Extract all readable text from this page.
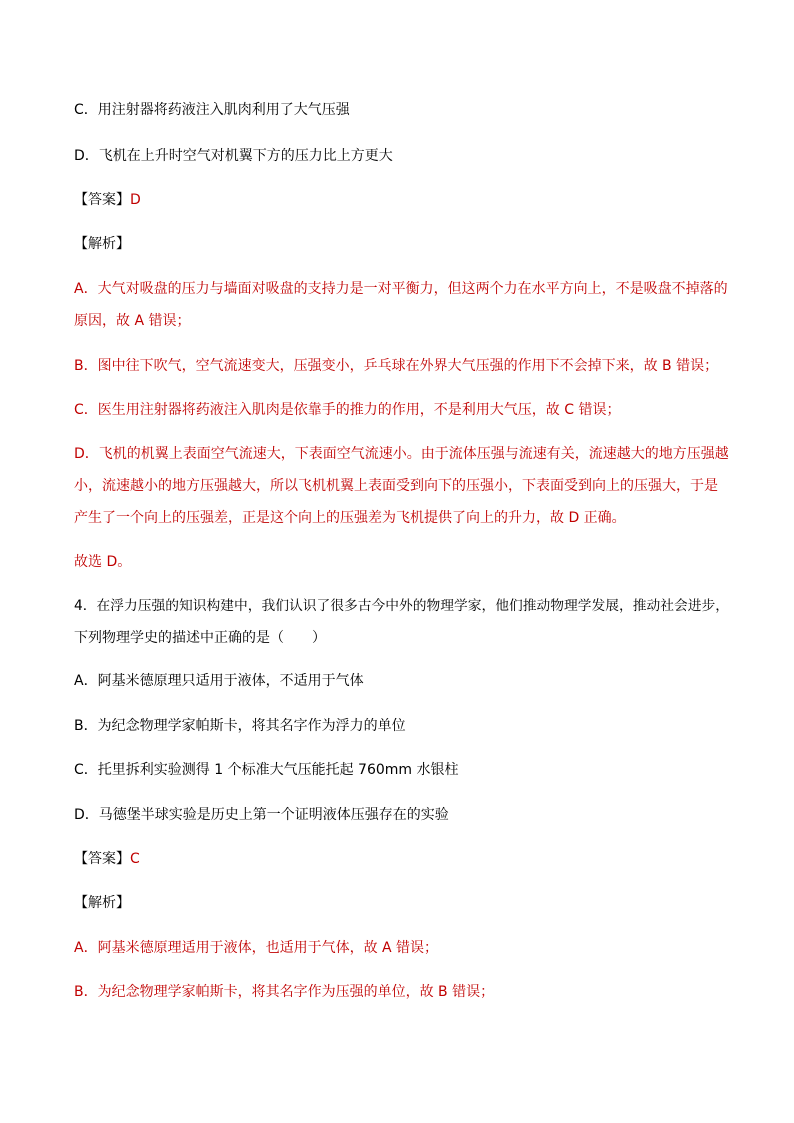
C．用注射器将药液注入肌肉利用了大气压强
D．飞机在上升时空气对机翼下方的压力比上方更大
【答案】D
【解析】
A．大气对吸盘的压力与墙面对吸盘的支持力是一对平衡力，但这两个力在水平方向上，不是吸盘不掉落的
原因，故 A 错误；
B．图中往下吹气，空气流速变大，压强变小，乒乓球在外界大气压强的作用下不会掉下来，故 B 错误；
C．医生用注射器将药液注入肌肉是依靠手的推力的作用，不是利用大气压，故 C 错误；
D．飞机的机翼上表面空气流速大，下表面空气流速小。由于流体压强与流速有关，流速越大的地方压强越
小，流速越小的地方压强越大，所以飞机机翼上表面受到向下的压强小，下表面受到向上的压强大，于是
产生了一个向上的压强差，正是这个向上的压强差为飞机提供了向上的升力，故 D 正确。
故选 D。
4．在浮力压强的知识构建中，我们认识了很多古今中外的物理学家，他们推动物理学发展，推动社会进步，
下列物理学史的描述中正确的是（　　）
A．阿基米德原理只适用于液体，不适用于气体
B．为纪念物理学家帕斯卡，将其名字作为浮力的单位
C．托里拆利实验测得 1 个标准大气压能托起 760mm 水银柱
D．马德堡半球实验是历史上第一个证明液体压强存在的实验
【答案】C
【解析】
A．阿基米德原理适用于液体，也适用于气体，故 A 错误；
B．为纪念物理学家帕斯卡，将其名字作为压强的单位，故 B 错误；
